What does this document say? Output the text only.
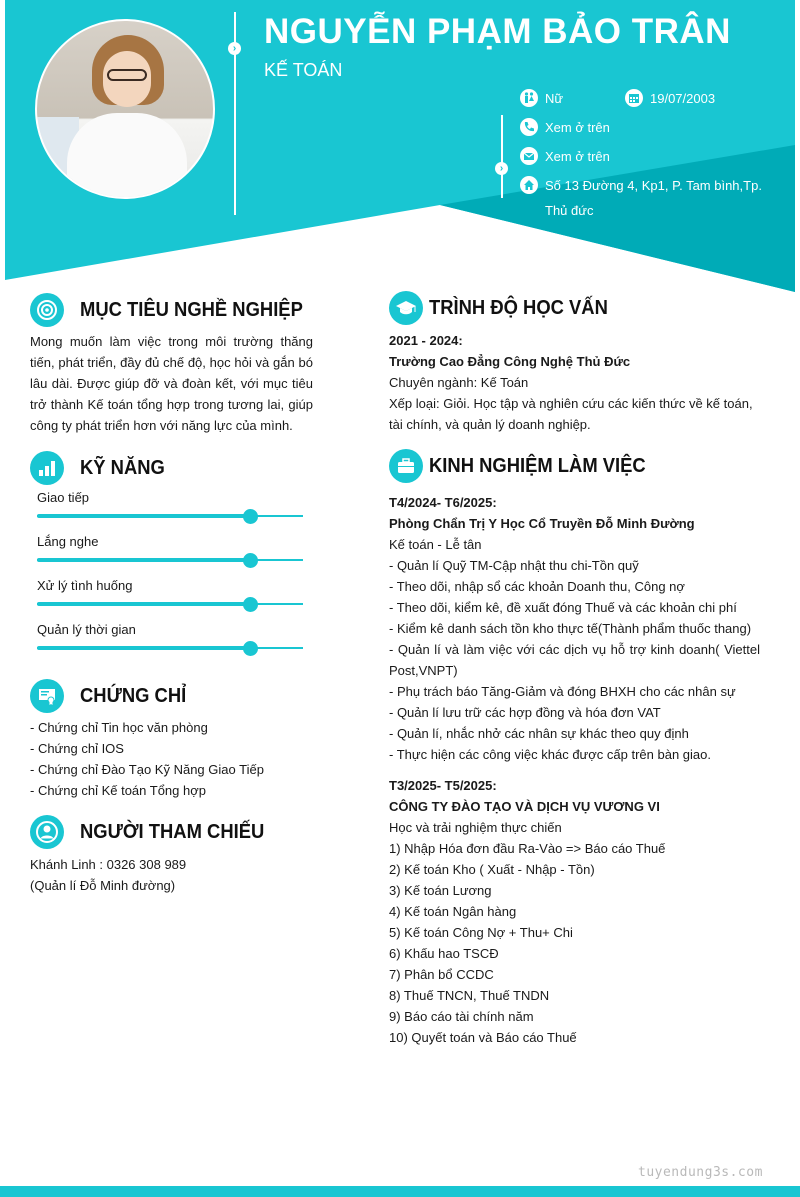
› NGUYỄN PHẠM BẢO TRÂN
KẾ TOÁN
›
Nữ	19/07/2003
Xem ở trên
Xem ở trên
Số 13 Đường 4, Kp1, P. Tam bình,Tp.
Thủ đức
MỤC TIÊU NGHỀ NGHIỆP
Mong muốn làm việc trong môi trường thăng tiến, phát triển, đầy đủ chế độ, học hỏi và gắn bó lâu dài. Được giúp đỡ và đoàn kết, với mục tiêu trở thành Kế toán tổng hợp trong tương lai, giúp công ty phát triển hơn với năng lực của mình.
KỸ NĂNG
Giao tiếp
Lắng nghe
Xử lý tình huống
Quản lý thời gian
CHỨNG CHỈ
- Chứng chỉ Tin học văn phòng
- Chứng chỉ IOS
- Chứng chỉ Đào Tạo Kỹ Năng Giao Tiếp
- Chứng chỉ Kế toán Tổng hợp
NGƯỜI THAM CHIẾU
Khánh Linh : 0326 308 989
(Quản lí Đỗ Minh đường)
TRÌNH ĐỘ HỌC VẤN
2021 - 2024:
Trường Cao Đẳng Công Nghệ Thủ Đức
Chuyên ngành: Kế Toán
Xếp loại: Giỏi. Học tập và nghiên cứu các kiến thức về kế toán, tài chính, và quản lý doanh nghiệp.
KINH NGHIỆM LÀM VIỆC
T4/2024- T6/2025:
Phòng Chẩn Trị Y Học Cổ Truyền Đỗ Minh Đường
Kế toán - Lễ tân
- Quản lí Quỹ TM-Cập nhật thu chi-Tồn quỹ
- Theo dõi, nhập sổ các khoản Doanh thu, Công nợ
- Theo dõi, kiểm kê, đề xuất đóng Thuế và các khoản chi phí
- Kiểm kê danh sách tồn kho thực tế(Thành phẩm thuốc thang)
- Quản lí và làm việc với các dịch vụ hỗ trợ kinh doanh( Viettel Post,VNPT)
- Phụ trách báo Tăng-Giảm và đóng BHXH cho các nhân sự
- Quản lí lưu trữ các hợp đồng và hóa đơn VAT
- Quản lí, nhắc nhở các nhân sự khác theo quy định
- Thực hiện các công việc khác được cấp trên bàn giao.
T3/2025- T5/2025:
CÔNG TY ĐÀO TẠO VÀ DỊCH VỤ VƯƠNG VI
Học và trải nghiệm thực chiến
1) Nhập Hóa đơn đầu Ra-Vào => Báo cáo Thuế
2) Kế toán Kho ( Xuất - Nhập - Tồn)
3) Kế toán Lương
4) Kế toán Ngân hàng
5) Kế toán Công Nợ + Thu+ Chi
6) Khấu hao TSCĐ
7) Phân bổ CCDC
8) Thuế TNCN, Thuế TNDN
9) Báo cáo tài chính năm
10) Quyết toán và Báo cáo Thuế
tuyendung3s.com
